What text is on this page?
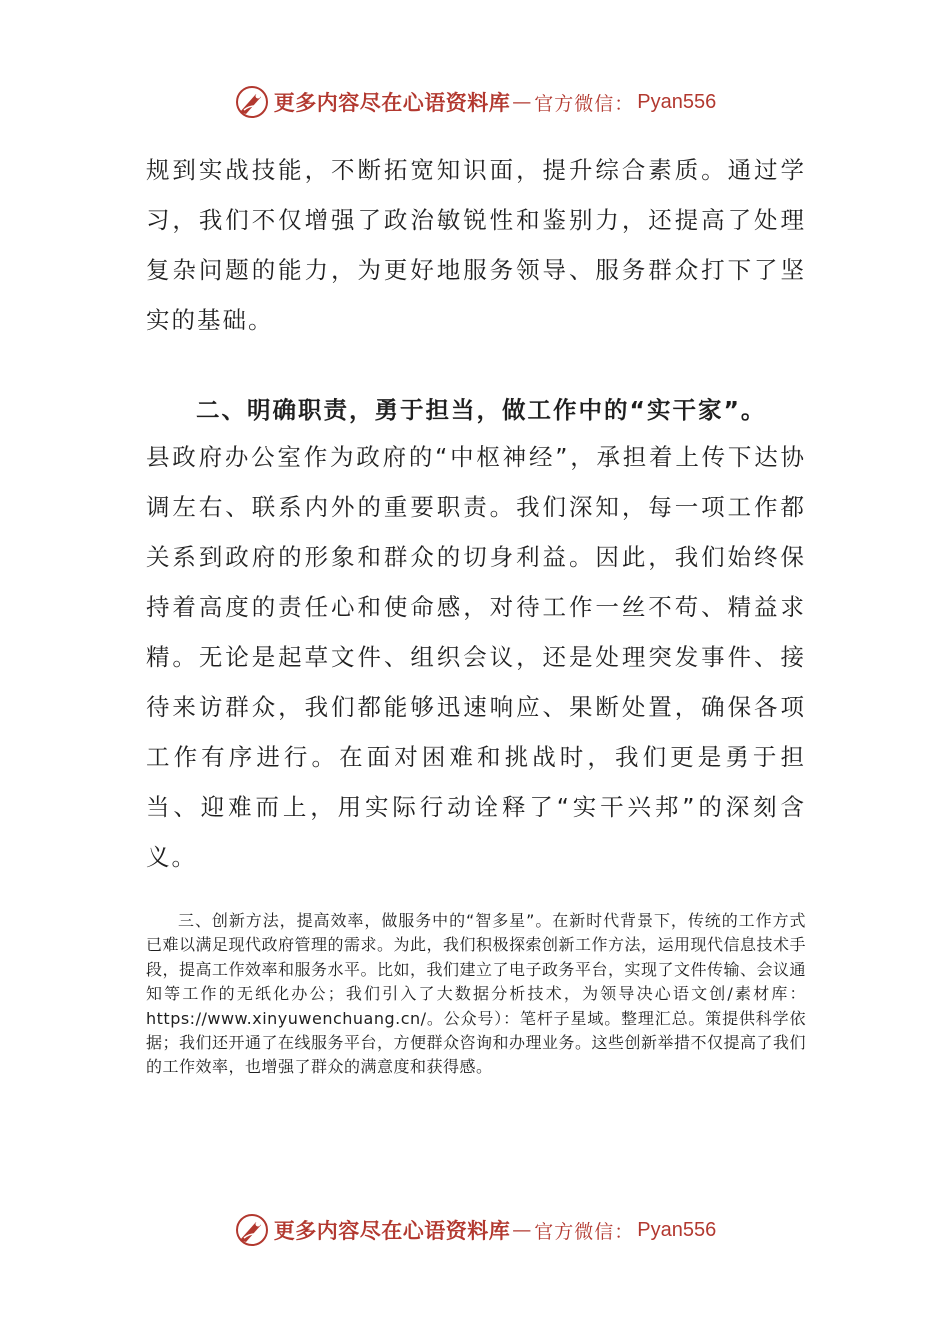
更多内容尽在心语资料库 — 官方微信： Pyan556

规到实战技能，不断拓宽知识面，提升综合素质。通过学习，我们不仅增强了政治敏锐性和鉴别力，还提高了处理复杂问题的能力，为更好地服务领导、服务群众打下了坚实的基础。

二、明确职责，勇于担当，做工作中的“实干家”。

县政府办公室作为政府的“中枢神经”，承担着上传下达协调左右、联系内外的重要职责。我们深知，每一项工作都关系到政府的形象和群众的切身利益。因此，我们始终保持着高度的责任心和使命感，对待工作一丝不苟、精益求精。无论是起草文件、组织会议，还是处理突发事件、接待来访群众，我们都能够迅速响应、果断处置，确保各项工作有序进行。在面对困难和挑战时，我们更是勇于担当、迎难而上，用实际行动诠释了“实干兴邦”的深刻含义。

三、创新方法，提高效率，做服务中的“智多星”。在新时代背景下，传统的工作方式已难以满足现代政府管理的需求。为此，我们积极探索创新工作方法，运用现代信息技术手段，提高工作效率和服务水平。比如，我们建立了电子政务平台，实现了文件传输、会议通知等工作的无纸化办公；我们引入了大数据分析技术，为领导决心语文创/素材库：https://www.xinyuwenchuang.cn/。公众号）：笔杆子星域。整理汇总。策提供科学依据；我们还开通了在线服务平台，方便群众咨询和办理业务。这些创新举措不仅提高了我们的工作效率，也增强了群众的满意度和获得感。

更多内容尽在心语资料库 — 官方微信： Pyan556
